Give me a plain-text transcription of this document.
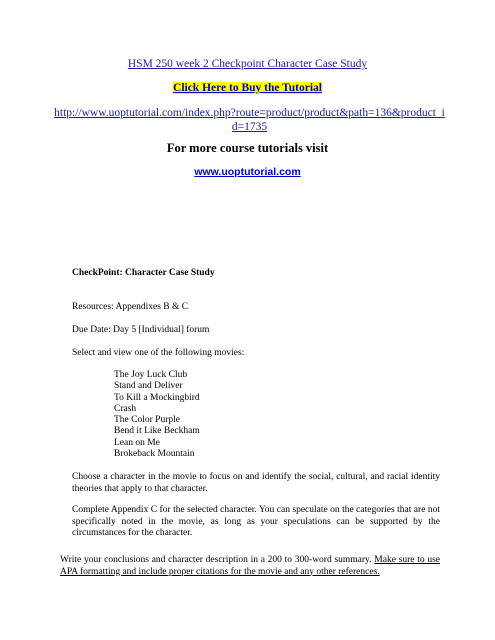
HSM 250 week 2 Checkpoint Character Case Study
Click Here to Buy the Tutorial
http://www.uoptutorial.com/index.php?route=product/product&path=136&product_id=1735
For more course tutorials visit
www.uoptutorial.com
CheckPoint: Character Case Study
Resources: Appendixes B & C
Due Date: Day 5 [Individual] forum
Select and view one of the following movies:
The Joy Luck Club
Stand and Deliver
To Kill a Mockingbird
Crash
The Color Purple
Bend it Like Beckham
Lean on Me
Brokeback Mountain
Choose a character in the movie to focus on and identify the social, cultural, and racial identity theories that apply to that character.
Complete Appendix C for the selected character. You can speculate on the categories that are not specifically noted in the movie, as long as your speculations can be supported by the circumstances for the character.
Write your conclusions and character description in a 200 to 300-word summary. Make sure to use APA formatting and include proper citations for the movie and any other references.
